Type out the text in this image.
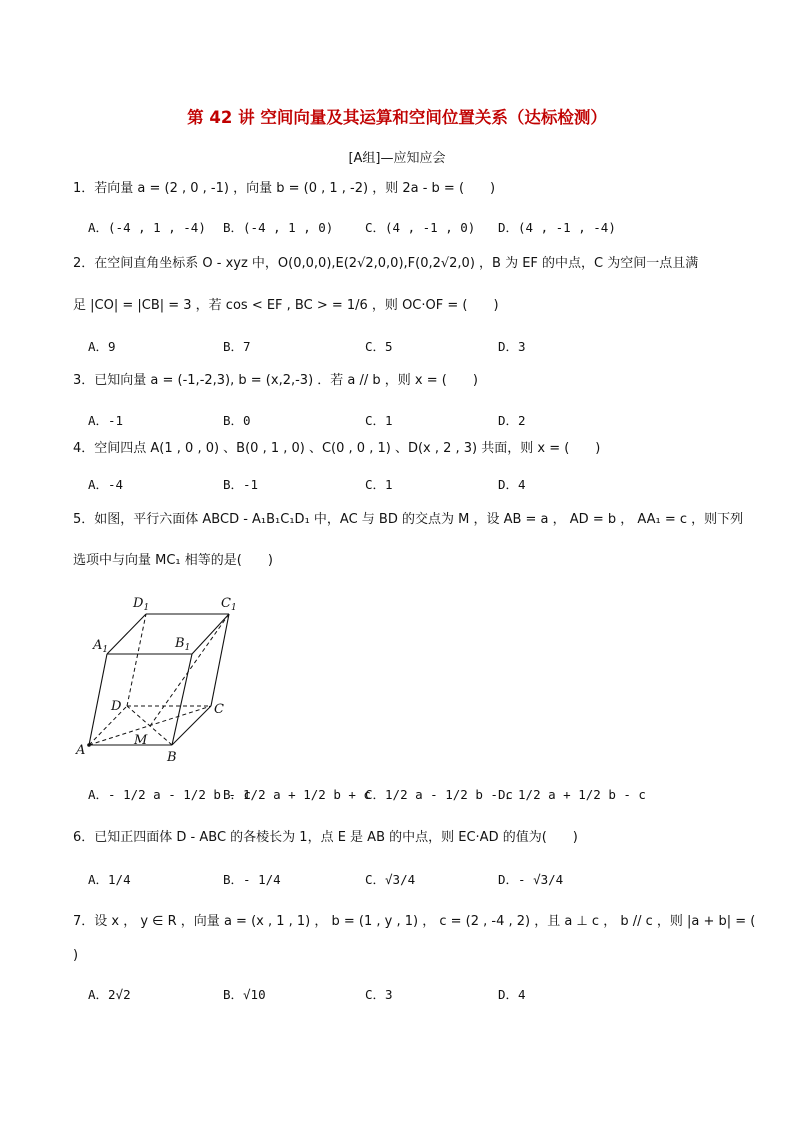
第 42 讲 空间向量及其运算和空间位置关系（达标检测）
[A组]—应知应会
1．若向量 a = (2 , 0 , -1) ，向量 b = (0 , 1 , -2) ，则 2a - b = (　　)
A．(-4 , 1 , -4) B．(-4 , 1 , 0)	C．(4 , -1 , 0) D．(4 , -1 , -4)
2．在空间直角坐标系 O - xyz 中，O(0,0,0),E(2√2,0,0),F(0,2√2,0) ，B 为 EF 的中点，C 为空间一点且满
足 |CO| = |CB| = 3 ，若 cos < EF , BC > = 1/6 ，则 OC·OF = (　　)
A．9	B．7	C．5	D．3
3．已知向量 a = (-1,-2,3), b = (x,2,-3) ．若 a // b ，则 x = (　　)
A．-1	B．0	C．1	D．2
4．空间四点 A(1 , 0 , 0) 、B(0 , 1 , 0) 、C(0 , 0 , 1) 、D(x , 2 , 3) 共面，则 x = (　　)
A．-4	B．-1	C．1	D．4
5．如图，平行六面体 ABCD - A₁B₁C₁D₁ 中，AC 与 BD 的交点为 M ，设 AB = a ， AD = b ， AA₁ = c ，则下列
选项中与向量 MC₁ 相等的是(　　)
$D_1$	$C_1$
$A_1$	$B_1$
D	C
M
A	B
A．- 1/2 a - 1/2 b - c
B．1/2 a + 1/2 b + c
C．1/2 a - 1/2 b - c
D．1/2 a + 1/2 b - c
6．已知正四面体 D - ABC 的各棱长为 1，点 E 是 AB 的中点，则 EC·AD 的值为(　　)
A．1/4	B．- 1/4	C．√3/4	D．- √3/4
7．设 x ， y ∈ R ，向量 a = (x , 1 , 1) ， b = (1 , y , 1) ， c = (2 , -4 , 2) ，且 a ⊥ c ， b // c ，则 |a + b| = (
)
A．2√2	B．√10	C．3	D．4
